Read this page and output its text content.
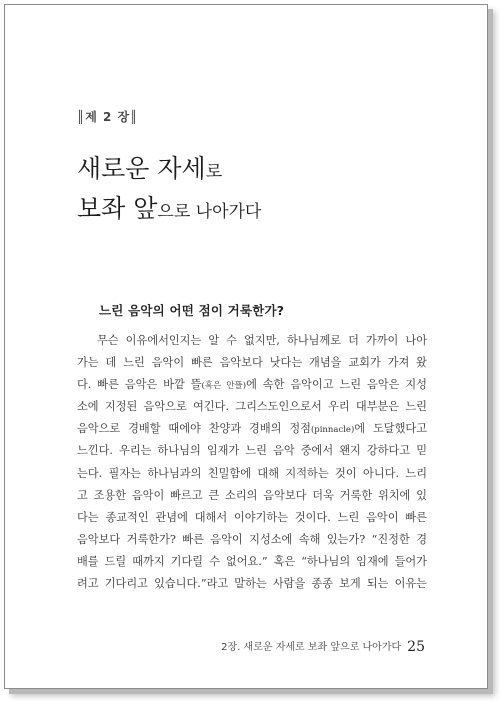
║제 2 장║
새로운 자세로
보좌 앞으로 나아가다
느린 음악의 어떤 점이 거룩한가?
무슨 이유에서인지는 알 수 없지만, 하나님께로 더 가까이 나아
가는 데 느린 음악이 빠른 음악보다 낫다는 개념을 교회가 가져 왔
다. 빠른 음악은 바깥 뜰(혹은 안뜰)에 속한 음악이고 느린 음악은 지성
소에 지정된 음악으로 여긴다. 그리스도인으로서 우리 대부분은 느린
음악으로 경배할 때에야 찬양과 경배의 정점(pinnacle)에 도달했다고
느낀다. 우리는 하나님의 임재가 느린 음악 중에서 왠지 강하다고 믿
는다. 필자는 하나님과의 친밀함에 대해 지적하는 것이 아니다. 느리
고 조용한 음악이 빠르고 큰 소리의 음악보다 더욱 거룩한 위치에 있
다는 종교적인 관념에 대해서 이야기하는 것이다. 느린 음악이 빠른
음악보다 거룩한가? 빠른 음악이 지성소에 속해 있는가? “진정한 경
배를 드릴 때까지 기다릴 수 없어요.” 혹은 “하나님의 임재에 들어가
려고 기다리고 있습니다.”라고 말하는 사람을 종종 보게 되는 이유는
2장. 새로운 자세로 보좌 앞으로 나아가다 25
